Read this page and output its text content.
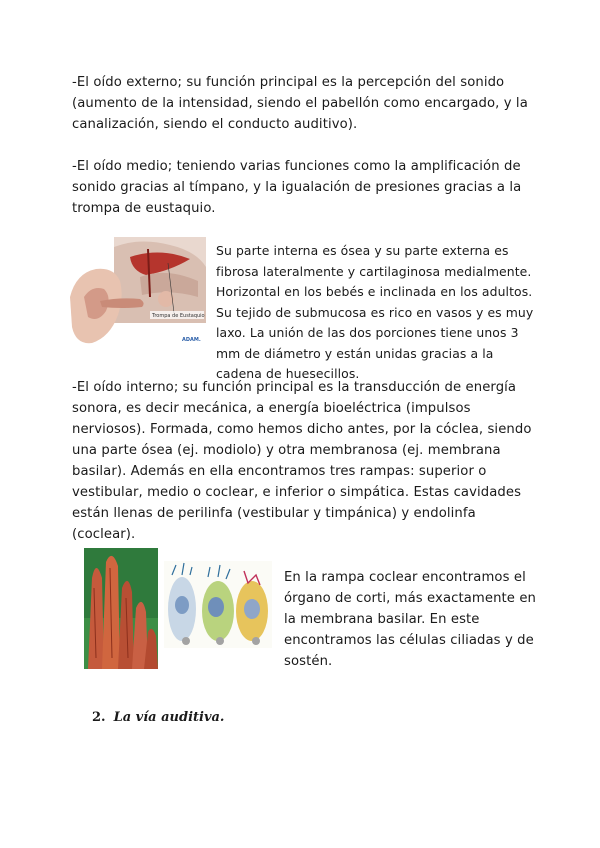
-El oído externo; su función principal es la percepción del sonido (aumento de la intensidad, siendo el pabellón como encargado, y la canalización, siendo el conducto auditivo).

-El oído medio; teniendo varias funciones como la amplificación de sonido gracias al tímpano, y la igualación de presiones gracias a la trompa de eustaquio.

Trompa de Eustaquio
ADAM.

Su parte interna es ósea y su parte externa es fibrosa lateralmente y cartilaginosa medialmente. Horizontal en los bebés e inclinada en los adultos. Su tejido de submucosa es rico en vasos y es muy laxo. La unión de las dos porciones tiene unos 3 mm de diámetro y están unidas gracias a la cadena de huesecillos.

-El oído interno; su función principal es la transducción de energía sonora, es decir mecánica, a energía bioeléctrica (impulsos nerviosos). Formada, como hemos dicho antes, por la cóclea, siendo una parte ósea (ej. modiolo) y otra membranosa (ej. membrana basilar). Además en ella encontramos tres rampas: superior o vestibular, medio o coclear, e inferior o simpática. Estas cavidades están llenas de perilinfa (vestibular y timpánica) y endolinfa (coclear).

En la rampa coclear encontramos el órgano de corti, más exactamente en la membrana basilar. En este encontramos las células ciliadas y de sostén.

2. La vía auditiva.
